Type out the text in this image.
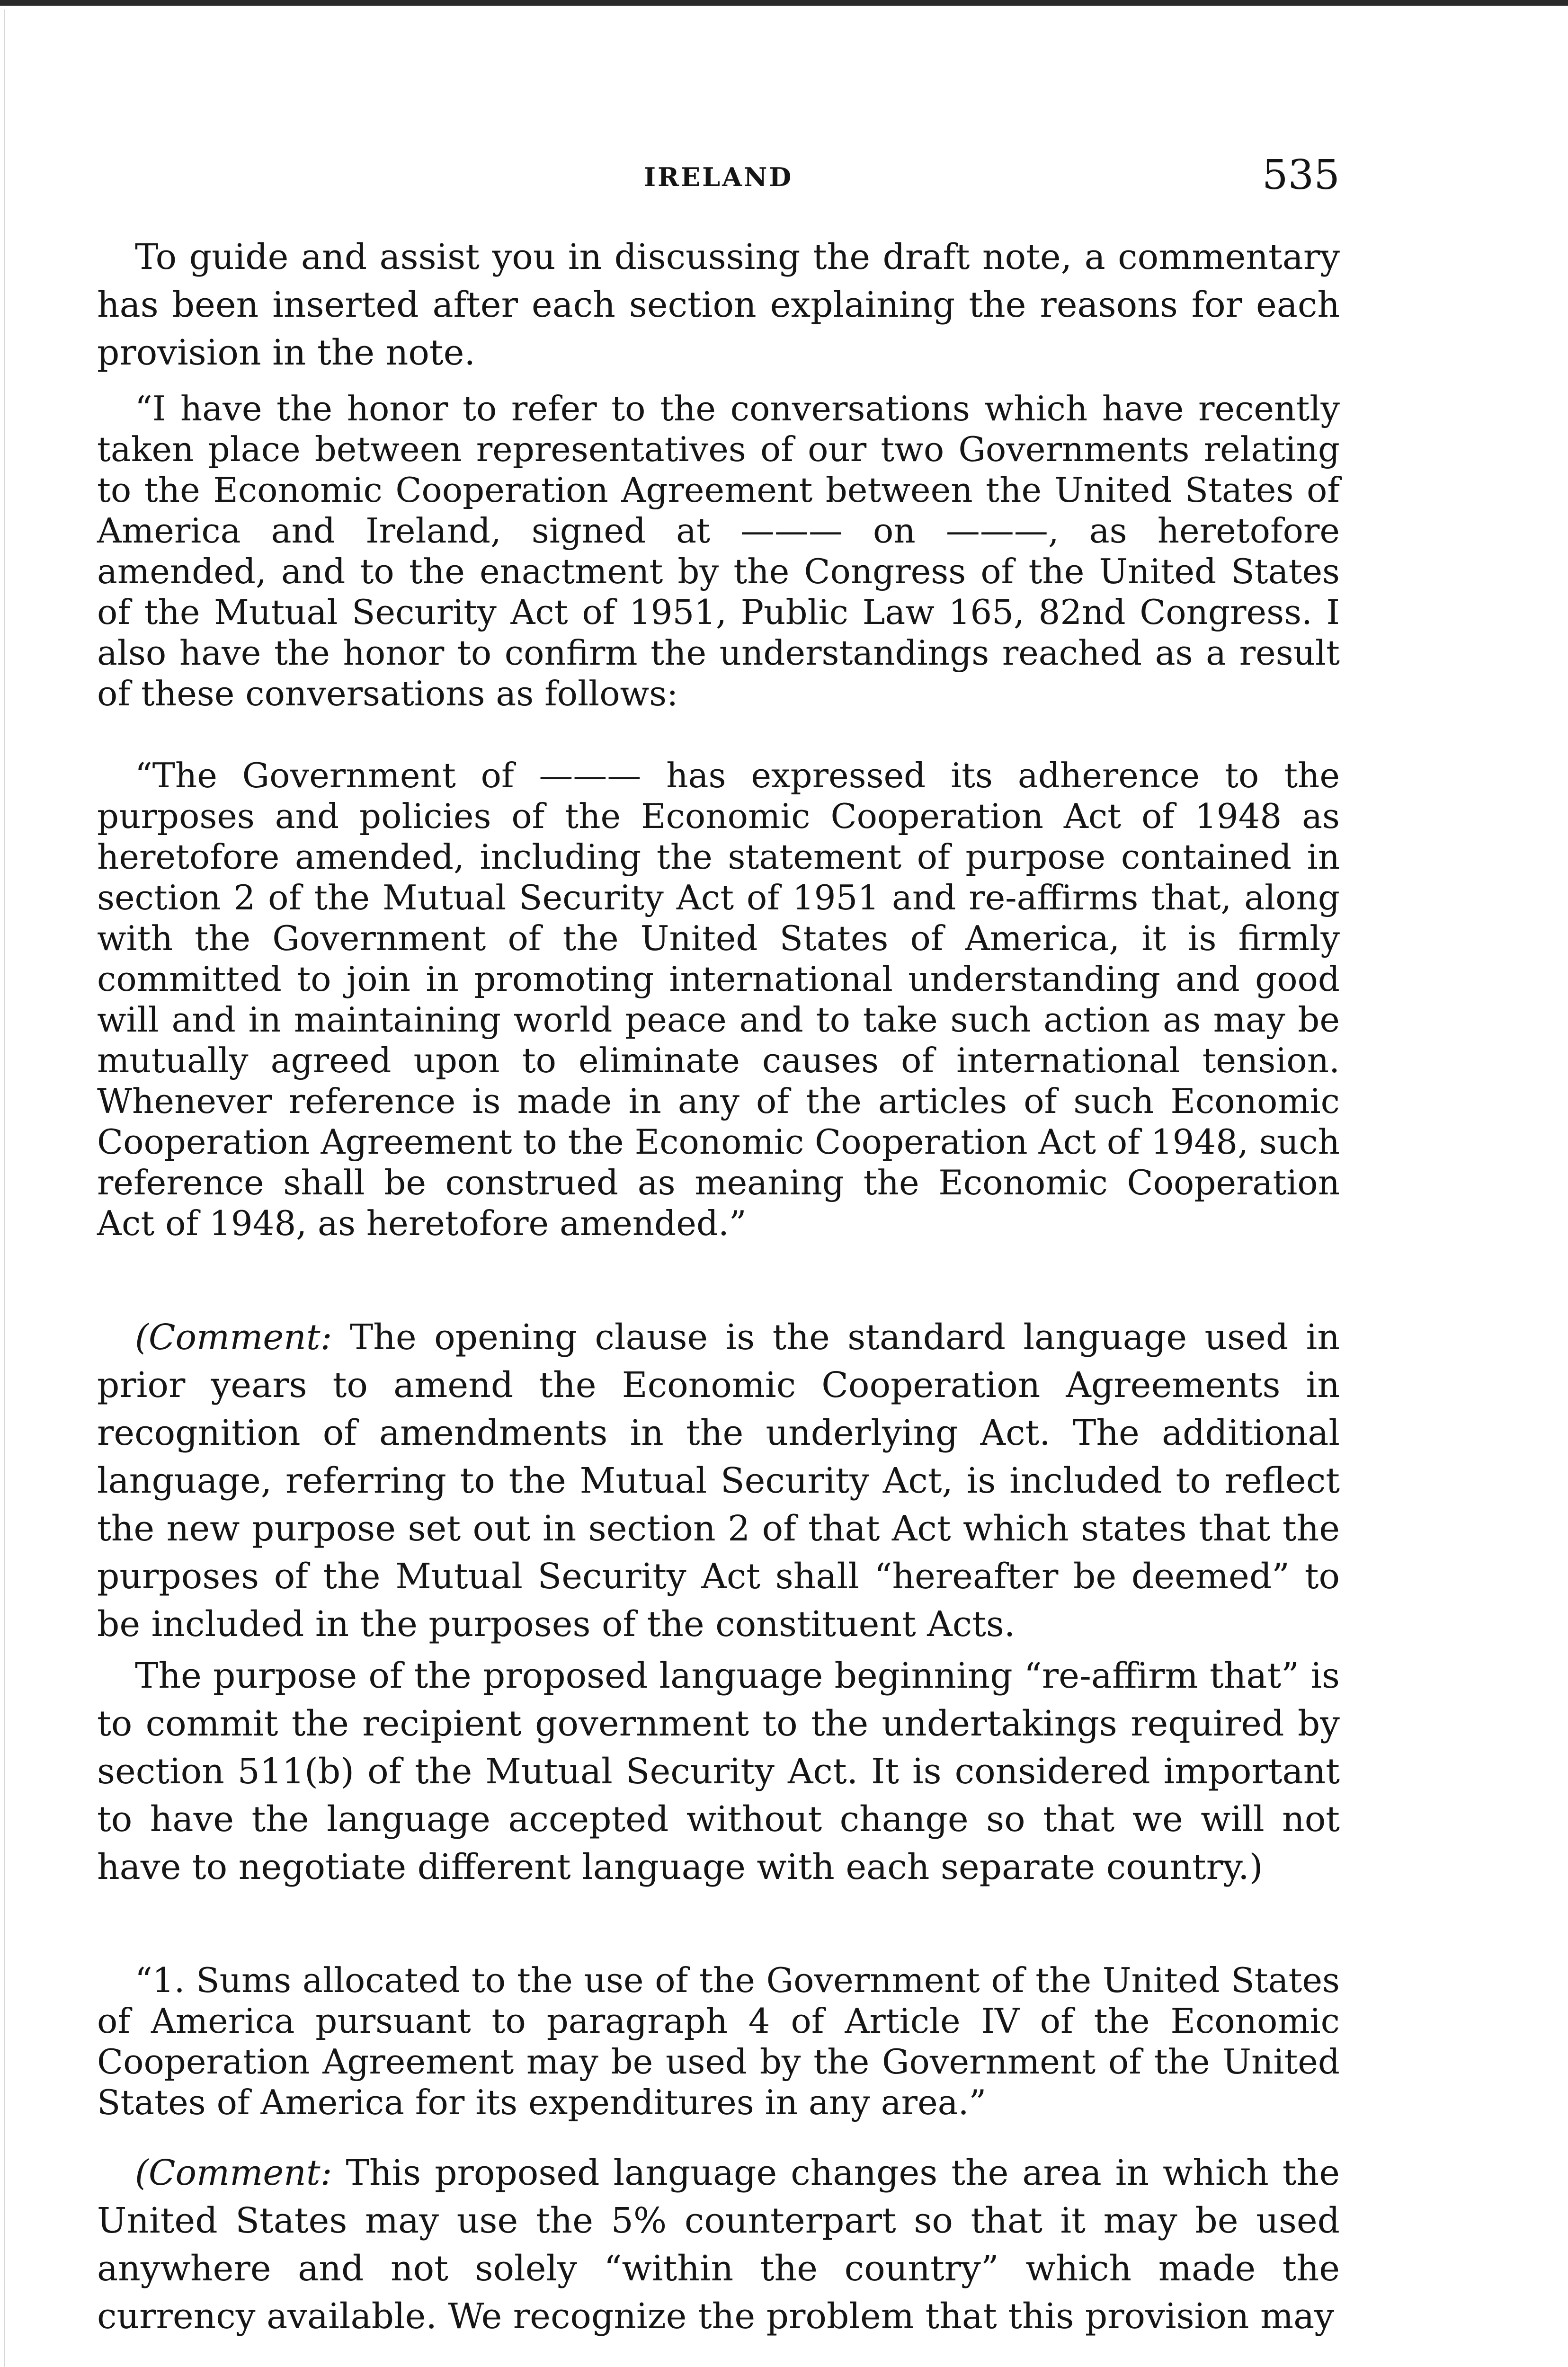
IRELAND	535

To guide and assist you in discussing the draft note, a commentary has been inserted after each section explaining the reasons for each provision in the note.

“I have the honor to refer to the conversations which have recently taken place between representatives of our two Governments relating to the Economic Cooperation Agreement between the United States of America and Ireland, signed at ——— on ———, as heretofore amended, and to the enactment by the Congress of the United States of the Mutual Security Act of 1951, Public Law 165, 82nd Congress. I also have the honor to confirm the understandings reached as a result of these conversations as follows:

“The Government of ——— has expressed its adherence to the purposes and policies of the Economic Cooperation Act of 1948 as heretofore amended, including the statement of purpose contained in section 2 of the Mutual Security Act of 1951 and re-affirms that, along with the Government of the United States of America, it is firmly committed to join in promoting international understanding and good will and in maintaining world peace and to take such action as may be mutually agreed upon to eliminate causes of international tension. Whenever reference is made in any of the articles of such Economic Cooperation Agreement to the Economic Cooperation Act of 1948, such reference shall be construed as meaning the Economic Cooperation Act of 1948, as heretofore amended.”

(Comment: The opening clause is the standard language used in prior years to amend the Economic Cooperation Agreements in recognition of amendments in the underlying Act. The additional language, referring to the Mutual Security Act, is included to reflect the new purpose set out in section 2 of that Act which states that the purposes of the Mutual Security Act shall “hereafter be deemed” to be included in the purposes of the constituent Acts.

The purpose of the proposed language beginning “re-affirm that” is to commit the recipient government to the undertakings required by section 511(b) of the Mutual Security Act. It is considered important to have the language accepted without change so that we will not have to negotiate different language with each separate country.)

“1. Sums allocated to the use of the Government of the United States of America pursuant to paragraph 4 of Article IV of the Economic Cooperation Agreement may be used by the Government of the United States of America for its expenditures in any area.”

(Comment: This proposed language changes the area in which the United States may use the 5% counterpart so that it may be used anywhere and not solely “within the country” which made the currency available. We recognize the problem that this provision may
